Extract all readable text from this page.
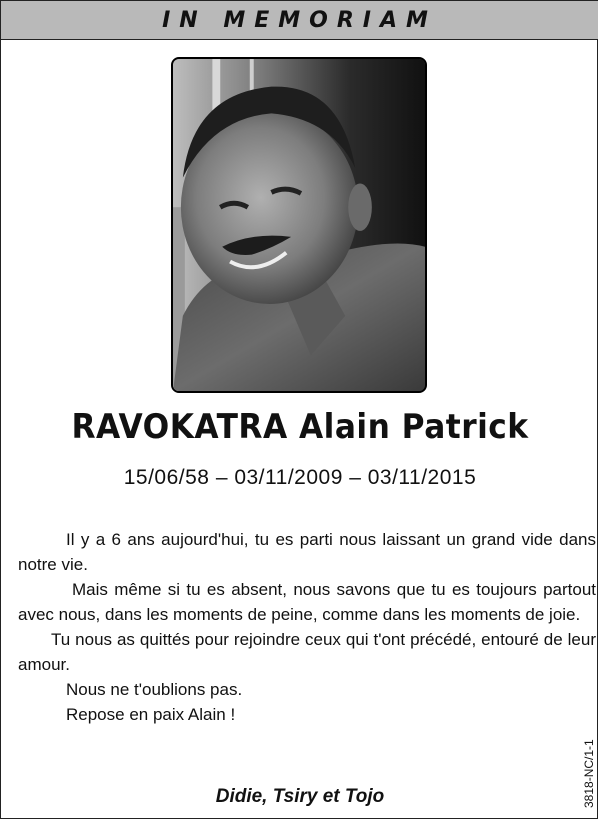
IN MEMORIAM
RAVOKATRA Alain Patrick
15/06/58 – 03/11/2009 – 03/11/2015

Il y a 6 ans aujourd'hui, tu es parti nous laissant un grand vide dans notre vie.

Mais même si tu es absent, nous savons que tu es toujours partout avec nous, dans les moments de peine, comme dans les moments de joie.

Tu nous as quittés pour rejoindre ceux qui t'ont précédé, entouré de leur amour.

Nous ne t'oublions pas.

Repose en paix Alain !

Didie, Tsiry et Tojo	3818-NC/1-1
